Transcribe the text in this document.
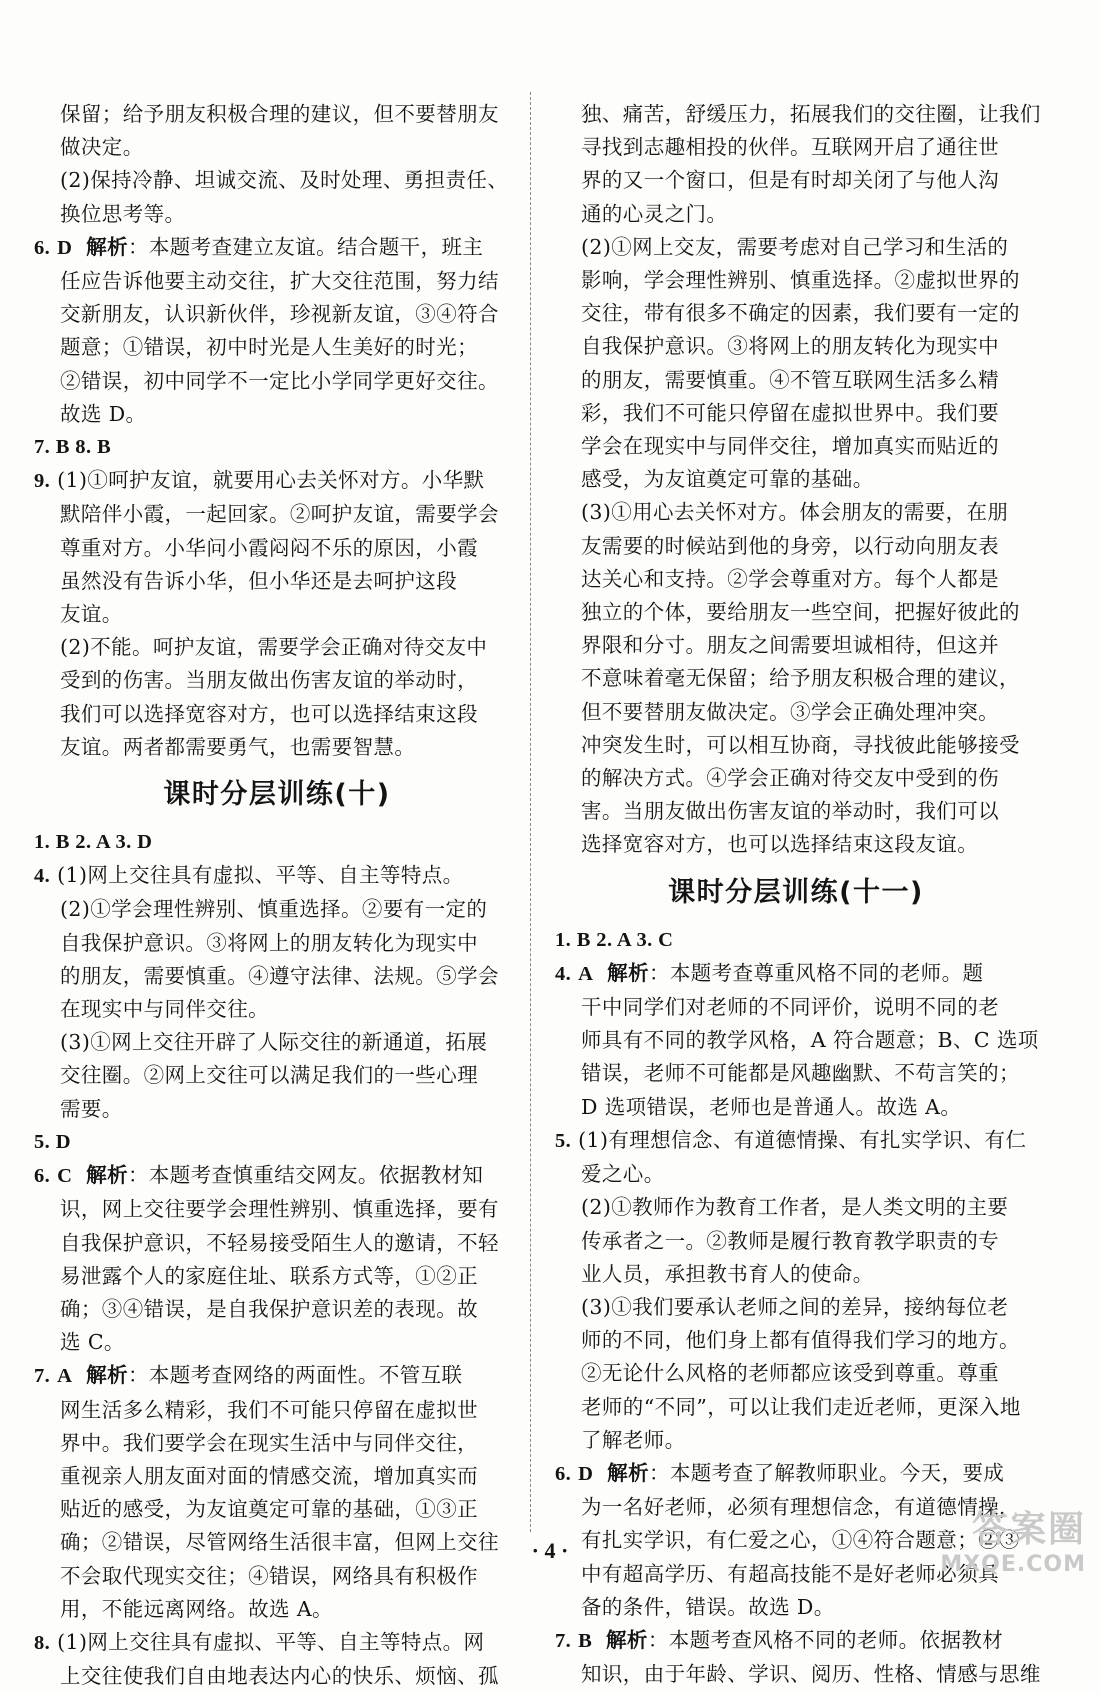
保留；给予朋友积极合理的建议，但不要替朋友
做决定。
(2)保持冷静、坦诚交流、及时处理、勇担责任、
换位思考等。
6. D 解析：本题考查建立友谊。结合题干，班主
任应告诉他要主动交往，扩大交往范围，努力结
交新朋友，认识新伙伴，珍视新友谊，③④符合
题意；①错误，初中时光是人生美好的时光；
②错误，初中同学不一定比小学同学更好交往。
故选 D。
7. B 8. B
9. (1)①呵护友谊，就要用心去关怀对方。小华默
默陪伴小霞，一起回家。②呵护友谊，需要学会
尊重对方。小华问小霞闷闷不乐的原因，小霞
虽然没有告诉小华，但小华还是去呵护这段
友谊。
(2)不能。呵护友谊，需要学会正确对待交友中
受到的伤害。当朋友做出伤害友谊的举动时，
我们可以选择宽容对方，也可以选择结束这段
友谊。两者都需要勇气，也需要智慧。
课时分层训练(十)
1. B 2. A 3. D
4. (1)网上交往具有虚拟、平等、自主等特点。
(2)①学会理性辨别、慎重选择。②要有一定的
自我保护意识。③将网上的朋友转化为现实中
的朋友，需要慎重。④遵守法律、法规。⑤学会
在现实中与同伴交往。
(3)①网上交往开辟了人际交往的新通道，拓展
交往圈。②网上交往可以满足我们的一些心理
需要。
5. D
6. C 解析：本题考查慎重结交网友。依据教材知
识，网上交往要学会理性辨别、慎重选择，要有
自我保护意识，不轻易接受陌生人的邀请，不轻
易泄露个人的家庭住址、联系方式等，①②正
确；③④错误，是自我保护意识差的表现。故
选 C。
7. A 解析：本题考查网络的两面性。不管互联
网生活多么精彩，我们不可能只停留在虚拟世
界中。我们要学会在现实生活中与同伴交往，
重视亲人朋友面对面的情感交流，增加真实而
贴近的感受，为友谊奠定可靠的基础，①③正
确；②错误，尽管网络生活很丰富，但网上交往
不会取代现实交往；④错误，网络具有积极作
用，不能远离网络。故选 A。
8. (1)网上交往具有虚拟、平等、自主等特点。网
上交往使我们自由地表达内心的快乐、烦恼、孤
独、痛苦，舒缓压力，拓展我们的交往圈，让我们
寻找到志趣相投的伙伴。互联网开启了通往世
界的又一个窗口，但是有时却关闭了与他人沟
通的心灵之门。
(2)①网上交友，需要考虑对自己学习和生活的
影响，学会理性辨别、慎重选择。②虚拟世界的
交往，带有很多不确定的因素，我们要有一定的
自我保护意识。③将网上的朋友转化为现实中
的朋友，需要慎重。④不管互联网生活多么精
彩，我们不可能只停留在虚拟世界中。我们要
学会在现实中与同伴交往，增加真实而贴近的
感受，为友谊奠定可靠的基础。
(3)①用心去关怀对方。体会朋友的需要，在朋
友需要的时候站到他的身旁，以行动向朋友表
达关心和支持。②学会尊重对方。每个人都是
独立的个体，要给朋友一些空间，把握好彼此的
界限和分寸。朋友之间需要坦诚相待，但这并
不意味着毫无保留；给予朋友积极合理的建议，
但不要替朋友做决定。③学会正确处理冲突。
冲突发生时，可以相互协商，寻找彼此能够接受
的解决方式。④学会正确对待交友中受到的伤
害。当朋友做出伤害友谊的举动时，我们可以
选择宽容对方，也可以选择结束这段友谊。
课时分层训练(十一)
1. B 2. A 3. C
4. A 解析：本题考查尊重风格不同的老师。题
干中同学们对老师的不同评价，说明不同的老
师具有不同的教学风格，A 符合题意；B、C 选项
错误，老师不可能都是风趣幽默、不苟言笑的；
D 选项错误，老师也是普通人。故选 A。
5. (1)有理想信念、有道德情操、有扎实学识、有仁
爱之心。
(2)①教师作为教育工作者，是人类文明的主要
传承者之一。②教师是履行教育教学职责的专
业人员，承担教书育人的使命。
(3)①我们要承认老师之间的差异，接纳每位老
师的不同，他们身上都有值得我们学习的地方。
②无论什么风格的老师都应该受到尊重。尊重
老师的“不同”，可以让我们走近老师，更深入地
了解老师。
6. D 解析：本题考查了解教师职业。今天，要成
为一名好老师，必须有理想信念，有道德情操，
有扎实学识，有仁爱之心，①④符合题意；②③
中有超高学历、有超高技能不是好老师必须具
备的条件，错误。故选 D。
7. B 解析：本题考查风格不同的老师。依据教材
知识，由于年龄、学识、阅历、性格、情感与思维
· 4 ·
答案圈
MXQE.COM
